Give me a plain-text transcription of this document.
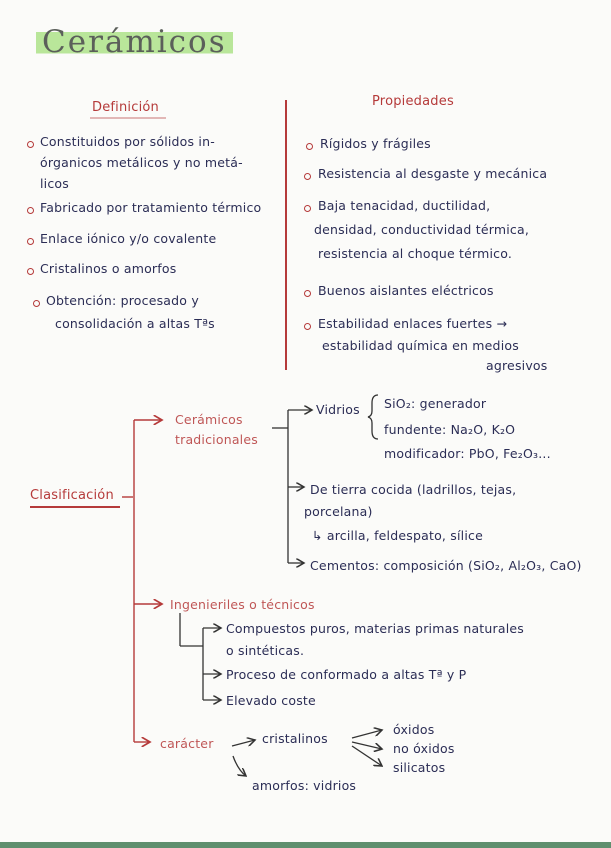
Cerámicos
Definición	Propiedades
Constituidos por sólidos in-
órganicos metálicos y no metá-
licos
Fabricado por tratamiento térmico
Enlace iónico y/o covalente
Cristalinos o amorfos
Obtención: procesado y
consolidación a altas Tªs
Rígidos y frágiles
Resistencia al desgaste y mecánica
Baja tenacidad, ductilidad,
densidad, conductividad térmica,
resistencia al choque térmico.
Buenos aislantes eléctricos
Estabilidad enlaces fuertes →
estabilidad química en medios
agresivos
Clasificación
Cerámicos
tradicionales
Vidrios SiO₂: generador
fundente: Na₂O, K₂O
modificador: PbO, Fe₂O₃...
De tierra cocida (ladrillos, tejas,
porcelana)
↳ arcilla, feldespato, sílice
Cementos: composición (SiO₂, Al₂O₃, CaO)
Ingenieriles o técnicos
Compuestos puros, materias primas naturales
o sintéticas.
Proceso de conformado a altas Tª y P
Elevado coste
carácter	cristalinos
óxidos
no óxidos
silicatos
amorfos: vidrios
